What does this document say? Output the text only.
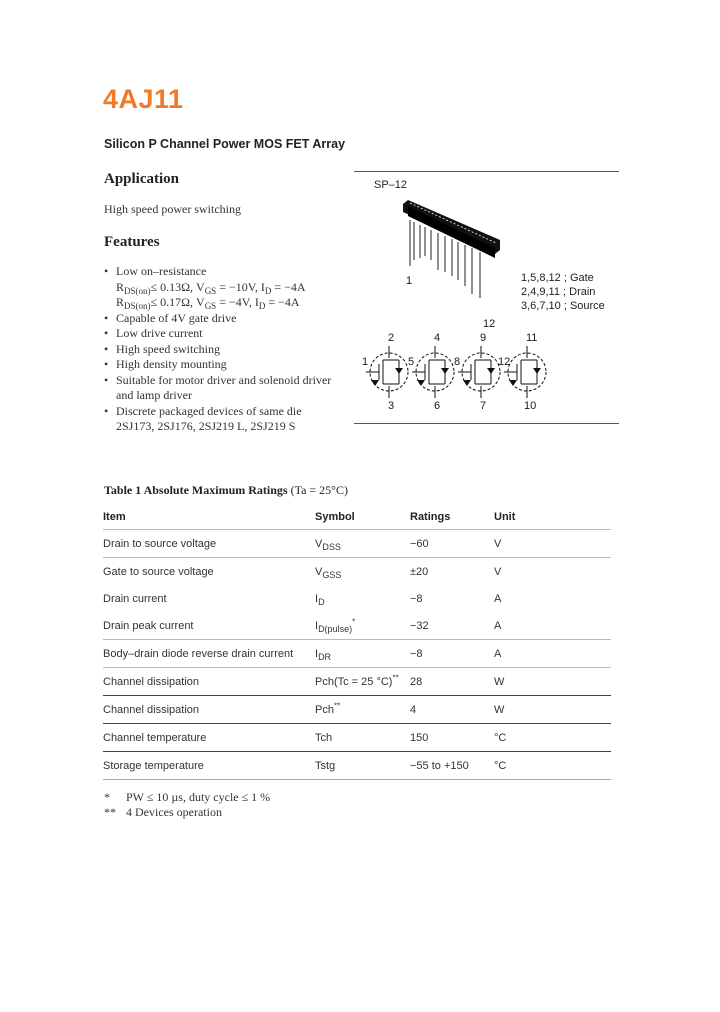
4AJ11
Silicon P Channel Power MOS FET Array
Application
High speed power switching
Features
• Low on–resistance
$R_{DS(on)}\le 0.13\Omega$, $V_{GS} = -10V$, $I_D = -4A$
$R_{DS(on)}\le 0.17\Omega$, $V_{GS} = -4V$, $I_D = -4A$
• Capable of 4V gate drive
• Low drive current
• High speed switching
• High density mounting
• Suitable for motor driver and solenoid driver and lamp driver
• Discrete packaged devices of same die
2SJ173, 2SJ176, 2SJ219 L, 2SJ219 S
SP–12
1
12
1,5,8,12 ; Gate
2,4,9,11 ; Drain
3,6,7,10 ; Source
2
1
3
4
5
6
9
8
7
11
12
10
Table 1 Absolute Maximum Ratings (Ta = 25°C)
Item	Symbol	Ratings	Unit
Drain to source voltage	$V_{DSS}$	−60	V
Gate to source voltage	$V_{GSS}$	±20	V
Drain current	$I_D$	−8	A
Drain peak current	$I_{D(pulse)}^*$	−32	A
Body–drain diode reverse drain current	$I_{DR}$	−8	A
Channel dissipation	Pch(Tc = 25 °C)**	28	W
Channel dissipation	Pch**	4	W
Channel temperature	Tch	150	°C
Storage temperature	Tstg	−55 to +150	°C
* PW ≤ 10 µs, duty cycle ≤ 1 %
** 4 Devices operation
